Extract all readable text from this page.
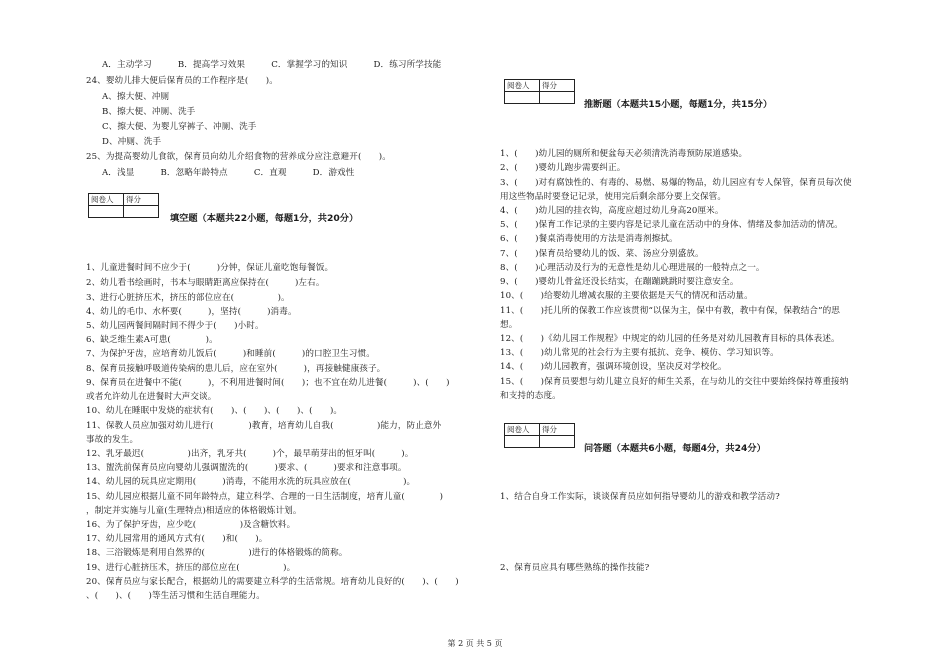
A．主动学习　　　B．提高学习效果　　　C．掌握学习的知识　　　D．练习所学技能
24、婴幼儿排大便后保育员的工作程序是(　　)。
A、擦大便、冲厕
B、擦大便、冲厕、洗手
C、擦大便、为婴儿穿裤子、冲厕、洗手
D、冲厕、洗手
25、为提高婴幼儿食欲，保育员向幼儿介绍食物的营养成分应注意避开(　　)。
A．浅显　　　B．忽略年龄特点　　　C．直观　　　D．游戏性
阅卷人	得分

填空题（本题共22小题，每题1分，共20分）
1、儿童进餐时间不应少于(　　　)分钟，保证儿童吃饱每餐饭。
2、幼儿看书绘画时，书本与眼睛距离应保持在(　　　)左右。
3、进行心脏挤压术，挤压的部位应在(　　　　　)。
4、幼儿的毛巾、水杯要(　　　)，坚持(　　　)消毒。
5、幼儿园两餐间隔时间不得少于(　　)小时。
6、缺乏维生素A可患(　　　　)。
7、为保护牙齿，应培育幼儿饭后(　　　)和睡前(　　　)的口腔卫生习惯。
8、保育员接触呼吸道传染病的患儿后，应在室外(　　　)，再接触健康孩子。
9、保育员在进餐中不能(　　　)，不利用进餐时间(　　)；也不宜在幼儿进餐(　　　)、(　　)
或者允许幼儿在进餐时大声交谈。
10、幼儿在睡眠中发烧的症状有(　　)、(　　)、(　　)、(　　)。
11、保教人员应加强对幼儿进行(　　　　)教育，培育幼儿自我(　　　　　)能力，防止意外
事故的发生。
12、乳牙最迟(　　　　　)出齐，乳牙共(　　　)个，最早萌芽出的恒牙叫(　　　)。
13、盥洗前保育员应向婴幼儿强调盥洗的(　　　)要求、(　　　)要求和注意事项。
14、幼儿园的玩具应定期用(　　　)消毒，不能用水洗的玩具应放在(　　　　　　)。
15、幼儿园应根据儿童不同年龄特点，建立科学、合理的一日生活制度，培育儿童(　　　　)
，制定并实施与儿童(生理特点)相适应的体格锻炼计划。
16、为了保护牙齿，应少吃(　　　　　)及含糖饮料。
17、幼儿园常用的通风方式有(　　)和(　　)。
18、三浴锻炼是利用自然界的(　　　　　)进行的体格锻炼的简称。
19、进行心脏挤压术，挤压的部位应在(　　　　　)。
20、保育员应与家长配合，根据幼儿的需要建立科学的生活常规。培育幼儿良好的(　　)、(　　)
、(　　)、(　　)等生活习惯和生活自理能力。
阅卷人	得分

推断题（本题共15小题，每题1分，共15分）
1、(　　)幼儿园的厕所和便盆每天必须清洗消毒预防尿道感染。
2、(　　)婴幼儿跑步需要纠正。
3、(　　)对有腐蚀性的、有毒的、易燃、易爆的物品，幼儿园应有专人保管，保育员每次使
用这些物品时要登记记录，使用完后剩余部分要上交保管。
4、(　　)幼儿园的挂衣钩，高度应超过幼儿身高20厘米。
5、(　　)保育工作记录的主要内容是记录儿童在活动中的身体、情绪及参加活动的情况。
6、(　　)餐桌消毒使用的方法是消毒剂擦拭。
7、(　　)保育员给婴幼儿的饭、菜、汤应分别盛放。
8、(　　)心理活动及行为的无意性是幼儿心理进展的一般特点之一。
9、(　　)婴幼儿骨盆还没长结实，在蹦蹦跳跳时要注意安全。
10、(　　)给婴幼儿增减衣服的主要依据是天气的情况和活动量。
11、(　　)托儿所的保教工作应该贯彻“以保为主，保中有教，教中有保，保教结合”的思
想。
12、(　　)《幼儿园工作规程》中规定的幼儿园的任务是对幼儿园教育目标的具体表述。
13、(　　)幼儿常见的社会行为主要有抵抗、竞争、模仿、学习知识等。
14、(　　)幼儿园教育，强调环境创设，坚决反对学校化。
15、(　　)保育员要想与幼儿建立良好的师生关系，在与幼儿的交往中要始终保持尊重接纳
和支持的态度。
阅卷人	得分

问答题（本题共6小题，每题4分，共24分）
1、结合自身工作实际，谈谈保育员应如何指导婴幼儿的游戏和教学活动?
2、保育员应具有哪些熟练的操作技能?
第 2 页 共 5 页
